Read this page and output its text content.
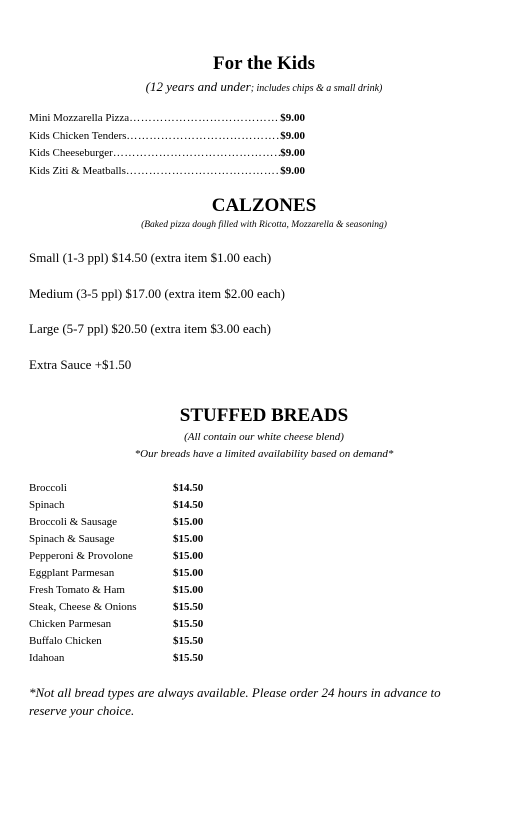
For the Kids

(12 years and under; includes chips & a small drink)

Mini Mozzarella Pizza ………………………………………………………………………………………………	$9.00
Kids Chicken Tenders ………………………………………………………………………………………………	$9.00
Kids Cheeseburger ………………………………………………………………………………………………	$9.00
Kids Ziti & Meatballs ………………………………………………………………………………………………	$9.00
CALZONES

(Baked pizza dough filled with Ricotta, Mozzarella & seasoning)

Small (1-3 ppl) $14.50 (extra item $1.00 each)

Medium (3-5 ppl) $17.00 (extra item $2.00 each)

Large (5-7 ppl) $20.50 (extra item $3.00 each)

Extra Sauce +$1.50

STUFFED BREADS

(All contain our white cheese blend)

*Our breads have a limited availability based on demand*

Broccoli	$14.50
Spinach	$14.50
Broccoli & Sausage	$15.00
Spinach & Sausage	$15.00
Pepperoni & Provolone	$15.00
Eggplant Parmesan	$15.00
Fresh Tomato & Ham	$15.00
Steak, Cheese & Onions	$15.50
Chicken Parmesan	$15.50
Buffalo Chicken	$15.50
Idahoan	$15.50

*Not all bread types are always available. Please order 24 hours in advance to reserve your choice.
